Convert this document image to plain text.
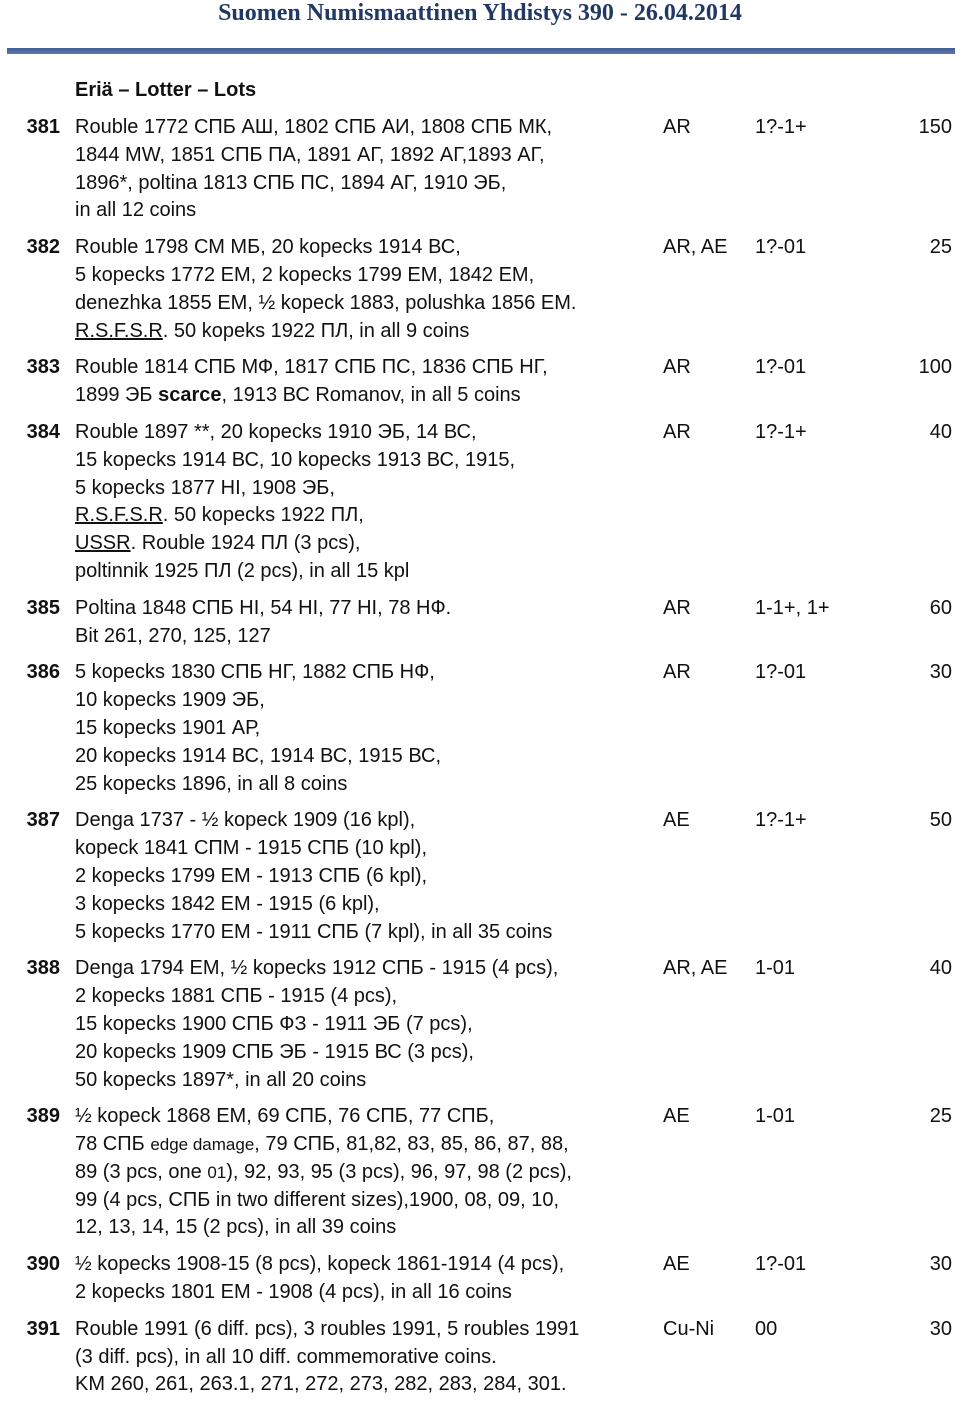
Suomen Numismaattinen Yhdistys 390 - 26.04.2014
Eriä – Lotter – Lots
381 Rouble 1772 СПБ АШ, 1802 СПБ АИ, 1808 СПБ МК,
1844 MW, 1851 СПБ ПА, 1891 АГ, 1892 АГ,1893 АГ,
1896*, poltina 1813 СПБ ПС, 1894 АГ, 1910 ЭБ,
in all 12 coins
AR	1?-1+	150
382 Rouble 1798 СМ МБ, 20 kopecks 1914 ВС,
5 kopecks 1772 ЕМ, 2 kopecks 1799 ЕМ, 1842 ЕМ,
denezhka 1855 ЕМ, ½ kopeck 1883, polushka 1856 ЕМ.
R.S.F.S.R. 50 kopeks 1922 ПЛ, in all 9 coins
AR, AE 1?-01	25
383 Rouble 1814 СПБ МФ, 1817 СПБ ПС, 1836 СПБ НГ,
1899 ЭБ scarce, 1913 ВС Romanov, in all 5 coins
AR	1?-01	100
384 Rouble 1897 **, 20 kopecks 1910 ЭБ, 14 ВС,
15 kopecks 1914 ВС, 10 kopecks 1913 ВС, 1915,
5 kopecks 1877 НІ, 1908 ЭБ,
R.S.F.S.R. 50 kopecks 1922 ПЛ,
USSR. Rouble 1924 ПЛ (3 pcs),
poltinnik 1925 ПЛ (2 pcs), in all 15 kpl
AR	1?-1+	40
385 Poltina 1848 СПБ НІ, 54 НІ, 77 НІ, 78 НФ.
Bit 261, 270, 125, 127
AR	1-1+, 1+	60
386 5 kopecks 1830 СПБ НГ, 1882 СПБ НФ,
10 kopecks 1909 ЭБ,
15 kopecks 1901 АР,
20 kopecks 1914 ВС, 1914 ВС, 1915 ВС,
25 kopecks 1896, in all 8 coins
AR	1?-01	30
387 Denga 1737 - ½ kopeck 1909 (16 kpl),
kopeck 1841 СПМ - 1915 СПБ (10 kpl),
2 kopecks 1799 ЕМ - 1913 СПБ (6 kpl),
3 kopecks 1842 ЕМ - 1915 (6 kpl),
5 kopecks 1770 ЕМ - 1911 СПБ (7 kpl), in all 35 coins
AE	1?-1+	50
388 Denga 1794 ЕМ, ½ kopecks 1912 СПБ - 1915 (4 pcs),
2 kopecks 1881 СПБ - 1915 (4 pcs),
15 kopecks 1900 СПБ ФЗ - 1911 ЭБ (7 pcs),
20 kopecks 1909 СПБ ЭБ - 1915 ВС (3 pcs),
50 kopecks 1897*, in all 20 coins
AR, AE 1-01	40
389 ½ kopeck 1868 ЕМ, 69 СПБ, 76 СПБ, 77 СПБ,
78 СПБ edge damage, 79 СПБ, 81,82, 83, 85, 86, 87, 88,
89 (3 pcs, one 01), 92, 93, 95 (3 pcs), 96, 97, 98 (2 pcs),
99 (4 pcs, СПБ in two different sizes),1900, 08, 09, 10,
12, 13, 14, 15 (2 pcs), in all 39 coins
AE	1-01	25
390 ½ kopecks 1908-15 (8 pcs), kopeck 1861-1914 (4 pcs),
2 kopecks 1801 ЕМ - 1908 (4 pcs), in all 16 coins
AE	1?-01	30
391 Rouble 1991 (6 diff. pcs), 3 roubles 1991, 5 roubles 1991
(3 diff. pcs), in all 10 diff. commemorative coins.
KM 260, 261, 263.1, 271, 272, 273, 282, 283, 284, 301.
Cu-Ni 00	30
